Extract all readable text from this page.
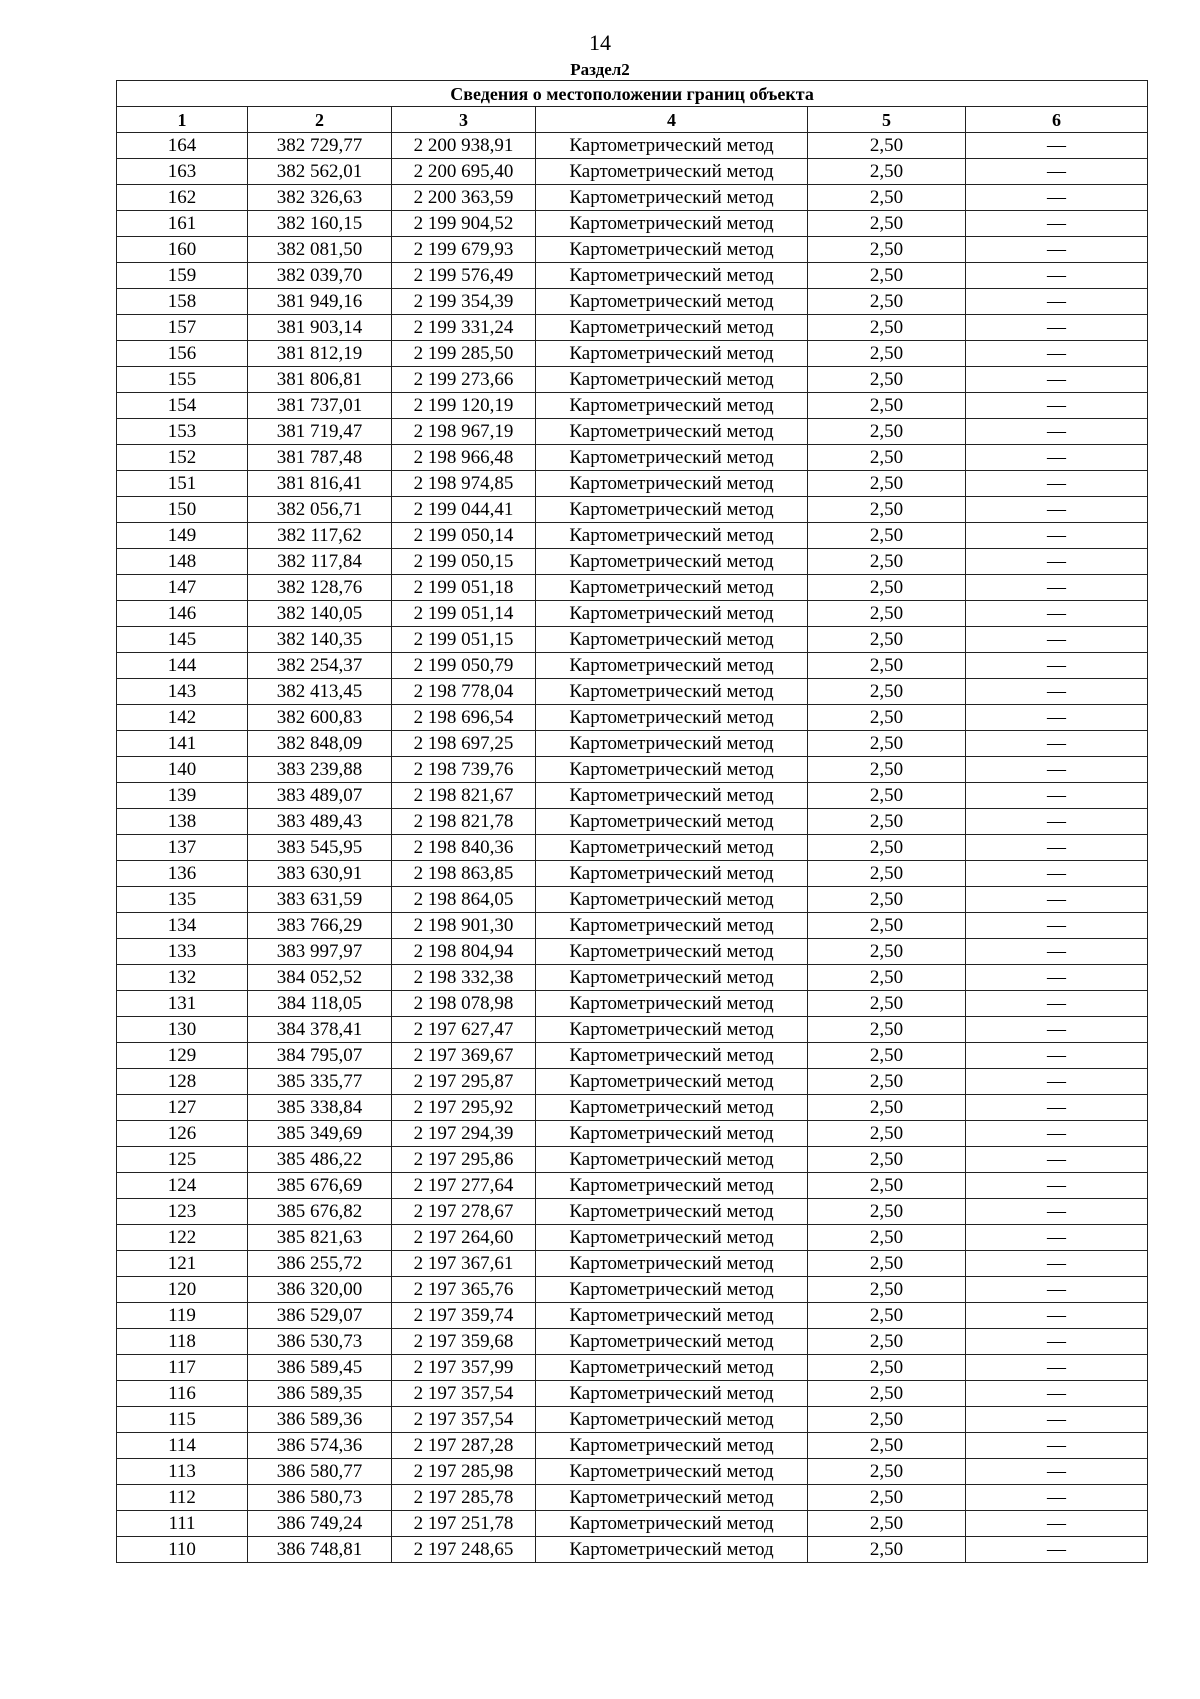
14
Раздел2
Сведения о местоположении границ объекта					
1	2	3	4	5	6
164	382 729,77	2 200 938,91	Картометрический метод	2,50	—
163	382 562,01	2 200 695,40	Картометрический метод	2,50	—
162	382 326,63	2 200 363,59	Картометрический метод	2,50	—
161	382 160,15	2 199 904,52	Картометрический метод	2,50	—
160	382 081,50	2 199 679,93	Картометрический метод	2,50	—
159	382 039,70	2 199 576,49	Картометрический метод	2,50	—
158	381 949,16	2 199 354,39	Картометрический метод	2,50	—
157	381 903,14	2 199 331,24	Картометрический метод	2,50	—
156	381 812,19	2 199 285,50	Картометрический метод	2,50	—
155	381 806,81	2 199 273,66	Картометрический метод	2,50	—
154	381 737,01	2 199 120,19	Картометрический метод	2,50	—
153	381 719,47	2 198 967,19	Картометрический метод	2,50	—
152	381 787,48	2 198 966,48	Картометрический метод	2,50	—
151	381 816,41	2 198 974,85	Картометрический метод	2,50	—
150	382 056,71	2 199 044,41	Картометрический метод	2,50	—
149	382 117,62	2 199 050,14	Картометрический метод	2,50	—
148	382 117,84	2 199 050,15	Картометрический метод	2,50	—
147	382 128,76	2 199 051,18	Картометрический метод	2,50	—
146	382 140,05	2 199 051,14	Картометрический метод	2,50	—
145	382 140,35	2 199 051,15	Картометрический метод	2,50	—
144	382 254,37	2 199 050,79	Картометрический метод	2,50	—
143	382 413,45	2 198 778,04	Картометрический метод	2,50	—
142	382 600,83	2 198 696,54	Картометрический метод	2,50	—
141	382 848,09	2 198 697,25	Картометрический метод	2,50	—
140	383 239,88	2 198 739,76	Картометрический метод	2,50	—
139	383 489,07	2 198 821,67	Картометрический метод	2,50	—
138	383 489,43	2 198 821,78	Картометрический метод	2,50	—
137	383 545,95	2 198 840,36	Картометрический метод	2,50	—
136	383 630,91	2 198 863,85	Картометрический метод	2,50	—
135	383 631,59	2 198 864,05	Картометрический метод	2,50	—
134	383 766,29	2 198 901,30	Картометрический метод	2,50	—
133	383 997,97	2 198 804,94	Картометрический метод	2,50	—
132	384 052,52	2 198 332,38	Картометрический метод	2,50	—
131	384 118,05	2 198 078,98	Картометрический метод	2,50	—
130	384 378,41	2 197 627,47	Картометрический метод	2,50	—
129	384 795,07	2 197 369,67	Картометрический метод	2,50	—
128	385 335,77	2 197 295,87	Картометрический метод	2,50	—
127	385 338,84	2 197 295,92	Картометрический метод	2,50	—
126	385 349,69	2 197 294,39	Картометрический метод	2,50	—
125	385 486,22	2 197 295,86	Картометрический метод	2,50	—
124	385 676,69	2 197 277,64	Картометрический метод	2,50	—
123	385 676,82	2 197 278,67	Картометрический метод	2,50	—
122	385 821,63	2 197 264,60	Картометрический метод	2,50	—
121	386 255,72	2 197 367,61	Картометрический метод	2,50	—
120	386 320,00	2 197 365,76	Картометрический метод	2,50	—
119	386 529,07	2 197 359,74	Картометрический метод	2,50	—
118	386 530,73	2 197 359,68	Картометрический метод	2,50	—
117	386 589,45	2 197 357,99	Картометрический метод	2,50	—
116	386 589,35	2 197 357,54	Картометрический метод	2,50	—
115	386 589,36	2 197 357,54	Картометрический метод	2,50	—
114	386 574,36	2 197 287,28	Картометрический метод	2,50	—
113	386 580,77	2 197 285,98	Картометрический метод	2,50	—
112	386 580,73	2 197 285,78	Картометрический метод	2,50	—
111	386 749,24	2 197 251,78	Картометрический метод	2,50	—
110	386 748,81	2 197 248,65	Картометрический метод	2,50	—
